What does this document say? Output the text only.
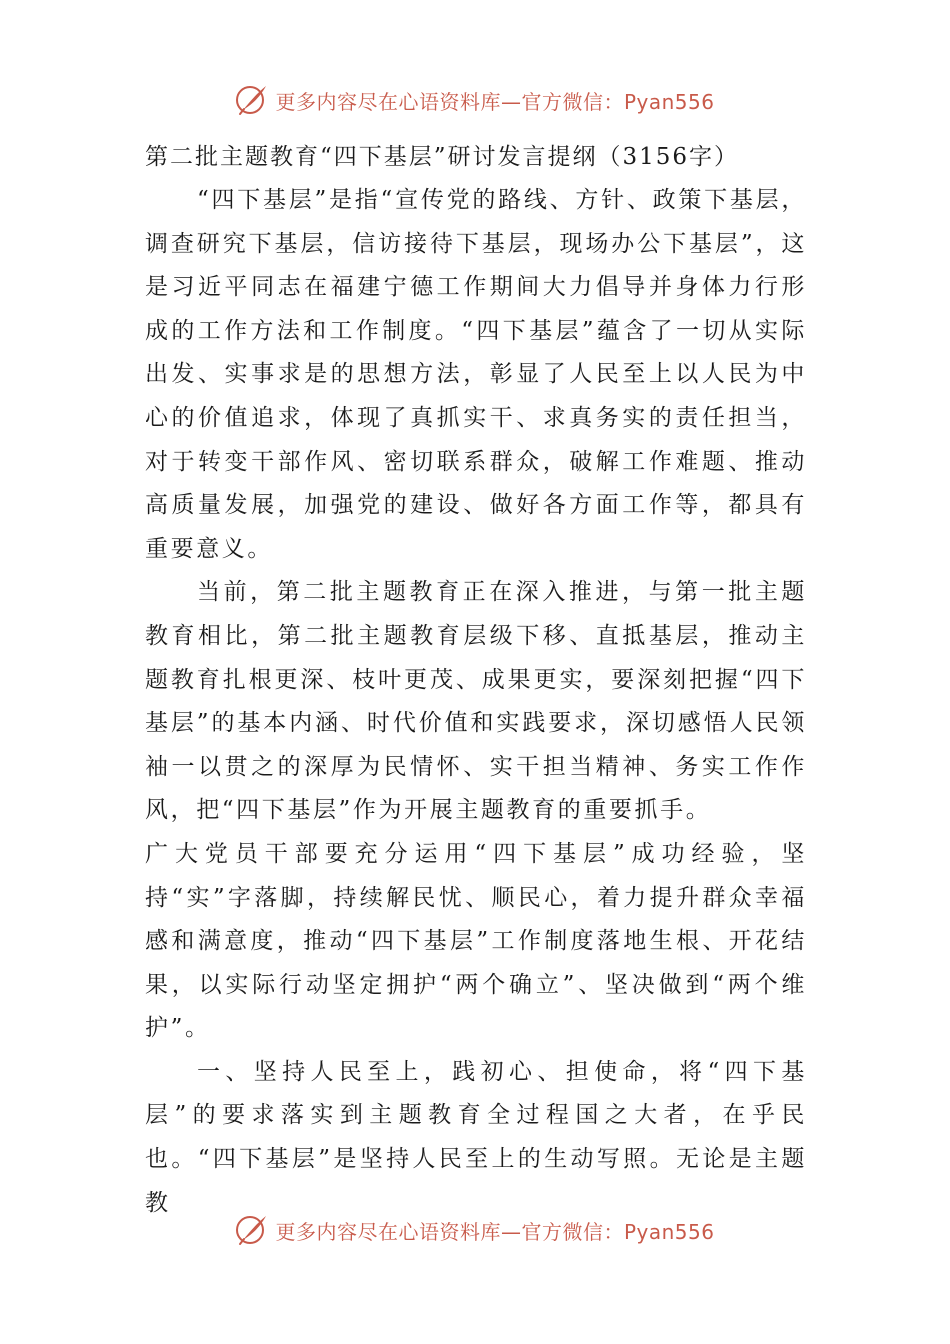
更多内容尽在心语资料库—官方微信：Pyan556
第二批主题教育“四下基层”研讨发言提纲（3156字）

“四下基层”是指“宣传党的路线、方针、政策下基层，调查研究下基层，信访接待下基层，现场办公下基层”，这是习近平同志在福建宁德工作期间大力倡导并身体力行形成的工作方法和工作制度。“四下基层”蕴含了一切从实际出发、实事求是的思想方法，彰显了人民至上以人民为中心的价值追求，体现了真抓实干、求真务实的责任担当，对于转变干部作风、密切联系群众，破解工作难题、推动高质量发展，加强党的建设、做好各方面工作等，都具有重要意义。

当前，第二批主题教育正在深入推进，与第一批主题教育相比，第二批主题教育层级下移、直抵基层，推动主题教育扎根更深、枝叶更茂、成果更实，要深刻把握“四下基层”的基本内涵、时代价值和实践要求，深切感悟人民领袖一以贯之的深厚为民情怀、实干担当精神、务实工作作风，把“四下基层”作为开展主题教育的重要抓手。

广大党员干部要充分运用“四下基层”成功经验，坚持“实”字落脚，持续解民忧、顺民心，着力提升群众幸福感和满意度，推动“四下基层”工作制度落地生根、开花结果，以实际行动坚定拥护“两个确立”、坚决做到“两个维护”。

一、坚持人民至上，践初心、担使命，将“四下基层”的要求落实到主题教育全过程国之大者，在乎民也。“四下基层”是坚持人民至上的生动写照。无论是主题教

更多内容尽在心语资料库—官方微信：Pyan556
